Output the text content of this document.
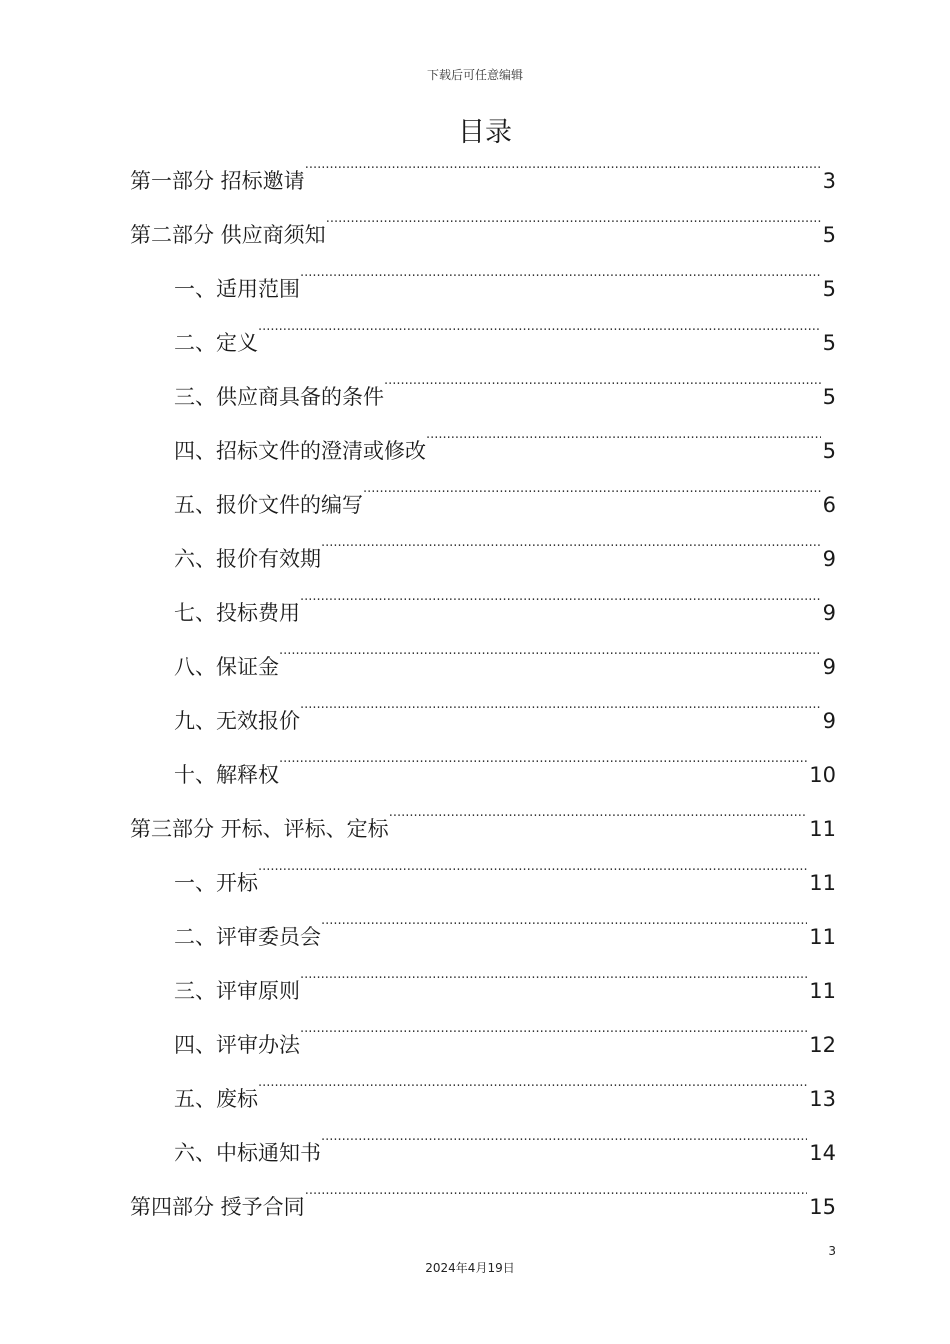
下载后可任意编辑
目录
第一部分 招标邀请 .....	3
第二部分 供应商须知 .....	5
一、适用范围 .....	5
二、定义 .....	5
三、供应商具备的条件 .....	5
四、招标文件的澄清或修改 .....	5
五、报价文件的编写 .....	6
六、报价有效期 .....	9
七、投标费用 .....	9
八、保证金 .....	9
九、无效报价 .....	9
十、解释权 .....	10
第三部分 开标、评标、定标 .....	11
一、开标 .....	11
二、评审委员会 .....	11
三、评审原则 .....	11
四、评审办法 .....	12
五、废标 .....	13
六、中标通知书 .....	14
第四部分 授予合同 .....	15
3
2024年4月19日
